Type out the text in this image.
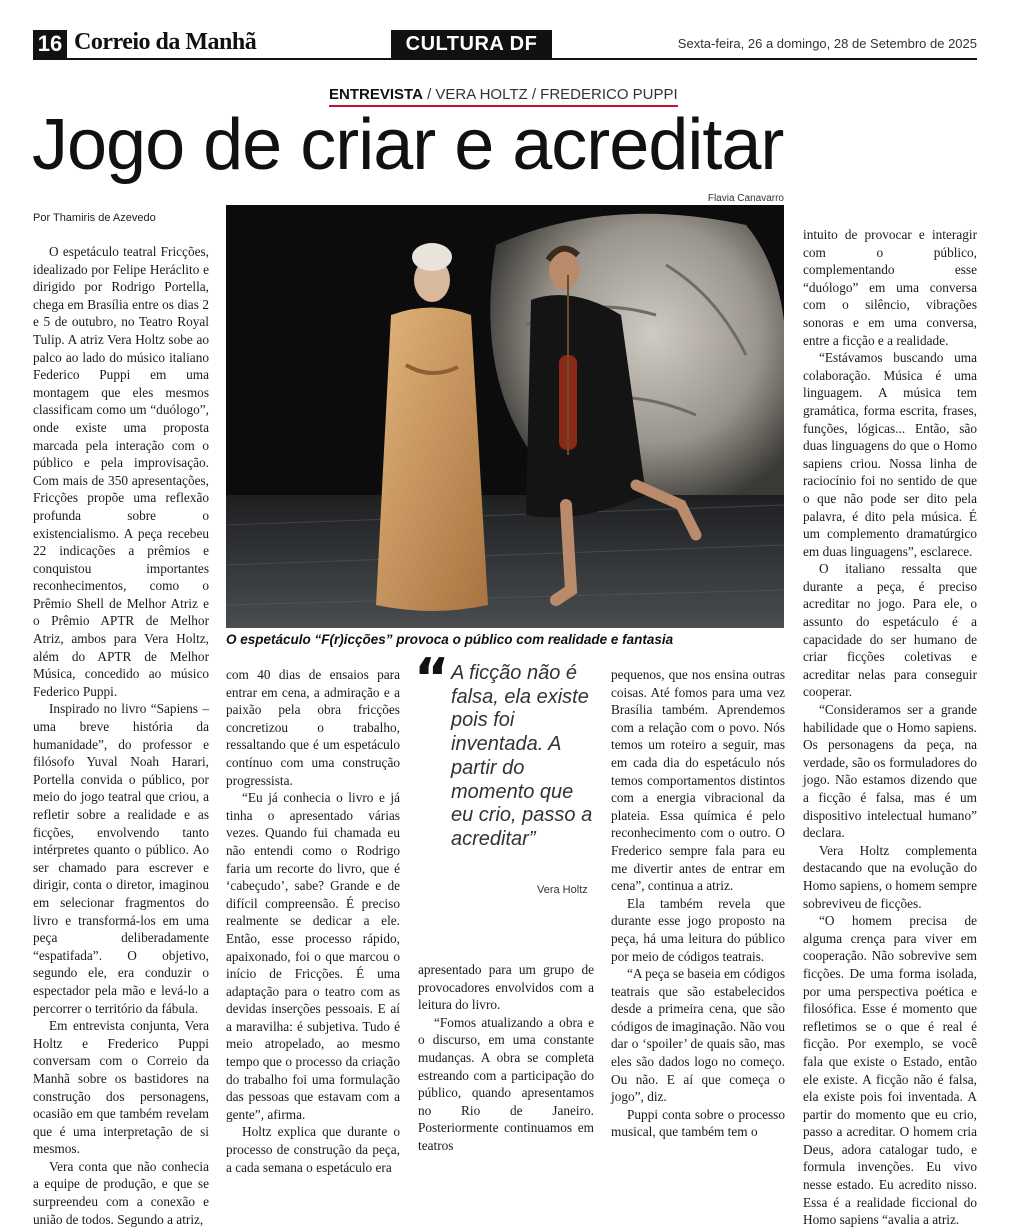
16 Correio da Manhã	CULTURA DF	Sexta-feira, 26 a domingo, 28 de Setembro de 2025
ENTREVISTA / VERA HOLTZ / FREDERICO PUPPI
Jogo de criar e acreditar
Por Thamiris de Azevedo
Flavia Canavarro
O espetáculo “F(r)icções” provoca o público com realidade e fantasia
“ A ficção não é falsa, ela existe pois foi inventada. A partir do momento que eu crio, passo a acreditar”
Vera Holtz

O espetáculo teatral Fricções, idealizado por Felipe Heráclito e dirigido por Rodrigo Portella, chega em Brasília entre os dias 2 e 5 de outubro, no Teatro Royal Tulip. A atriz Vera Holtz sobe ao palco ao lado do músico italiano Federico Puppi em uma montagem que eles mesmos classificam como um “duólogo”, onde existe uma proposta marcada pela interação com o público e pela improvisação. Com mais de 350 apresentações, Fricções propõe uma reflexão profunda sobre o existencialismo. A peça recebeu 22 indicações a prêmios e conquistou importantes reconhecimentos, como o Prêmio Shell de Melhor Atriz e o Prêmio APTR de Melhor Atriz, ambos para Vera Holtz, além do APTR de Melhor Música, concedido ao músico Federico Puppi.

Inspirado no livro “Sapiens – uma breve história da humanidade”, do professor e filósofo Yuval Noah Harari, Portella convida o público, por meio do jogo teatral que criou, a refletir sobre a realidade e as ficções, envolvendo tanto intérpretes quanto o público. Ao ser chamado para escrever e dirigir, conta o diretor, imaginou em selecionar fragmentos do livro e transformá-los em uma peça deliberadamente “espatifada”. O objetivo, segundo ele, era conduzir o espectador pela mão e levá-lo a percorrer o território da fábula.

Em entrevista conjunta, Vera Holtz e Frederico Puppi conversam com o Correio da Manhã sobre os bastidores na construção dos personagens, ocasião em que também revelam que é uma interpretação de si mesmos.

Vera conta que não conhecia a equipe de produção, e que se surpreendeu com a conexão e união de todos. Segundo a atriz,

com 40 dias de ensaios para entrar em cena, a admiração e a paixão pela obra fricções concretizou o trabalho, ressaltando que é um espetáculo contínuo com uma construção progressista.

“Eu já conhecia o livro e já tinha o apresentado várias vezes. Quando fui chamada eu não entendi como o Rodrigo faria um recorte do livro, que é ‘cabeçudo’, sabe? Grande e de difícil compreensão. É preciso realmente se dedicar a ele. Então, esse processo rápido, apaixonado, foi o que marcou o início de Fricções. É uma adaptação para o teatro com as devidas inserções pessoais. E aí a maravilha: é subjetiva. Tudo é meio atropelado, ao mesmo tempo que o processo da criação do trabalho foi uma formulação das pessoas que estavam com a gente”, afirma.

Holtz explica que durante o processo de construção da peça, a cada semana o espetáculo era

apresentado para um grupo de provocadores envolvidos com a leitura do livro.

“Fomos atualizando a obra e o discurso, em uma constante mudanças. A obra se completa estreando com a participação do público, quando apresentamos no Rio de Janeiro. Posteriormente continuamos em teatros

pequenos, que nos ensina outras coisas. Até fomos para uma vez Brasília também. Aprendemos com a relação com o povo. Nós temos um roteiro a seguir, mas em cada dia do espetáculo nós temos comportamentos distintos com a energia vibracional da plateia. Essa química é pelo reconhecimento com o outro. O Frederico sempre fala para eu me divertir antes de entrar em cena”, continua a atriz.

Ela também revela que durante esse jogo proposto na peça, há uma leitura do público por meio de códigos teatrais.

“A peça se baseia em códigos teatrais que são estabelecidos desde a primeira cena, que são códigos de imaginação. Não vou dar o ‘spoiler’ de quais são, mas eles são dados logo no começo. Ou não. E aí que começa o jogo”, diz.

Puppi conta sobre o processo musical, que também tem o

intuito de provocar e interagir com o público, complementando esse “duólogo” em uma conversa com o silêncio, vibrações sonoras e em uma conversa, entre a ficção e a realidade.

“Estávamos buscando uma colaboração. Música é uma linguagem. A música tem gramática, forma escrita, frases, funções, lógicas... Então, são duas linguagens do que o Homo sapiens criou. Nossa linha de raciocínio foi no sentido de que o que não pode ser dito pela palavra, é dito pela música. É um complemento dramatúrgico em duas linguagens”, esclarece.

O italiano ressalta que durante a peça, é preciso acreditar no jogo. Para ele, o assunto do espetáculo é a capacidade do ser humano de criar ficções coletivas e acreditar nelas para conseguir cooperar.

“Consideramos ser a grande habilidade que o Homo sapiens. Os personagens da peça, na verdade, são os formuladores do jogo. Não estamos dizendo que a ficção é falsa, mas é um dispositivo intelectual humano” declara.

Vera Holtz complementa destacando que na evolução do Homo sapiens, o homem sempre sobreviveu de ficções.

“O homem precisa de alguma crença para viver em cooperação. Não sobrevive sem ficções. De uma forma isolada, por uma perspectiva poética e filosófica. Esse é momento que refletimos se o que é real é ficção. Por exemplo, se você fala que existe o Estado, então ele existe. A ficção não é falsa, ela existe pois foi inventada. A partir do momento que eu crio, passo a acreditar. O homem cria Deus, adora catalogar tudo, e formula invenções. Eu vivo nesse estado. Eu acredito nisso. Essa é a realidade ficcional do Homo sapiens “avalia a atriz.
